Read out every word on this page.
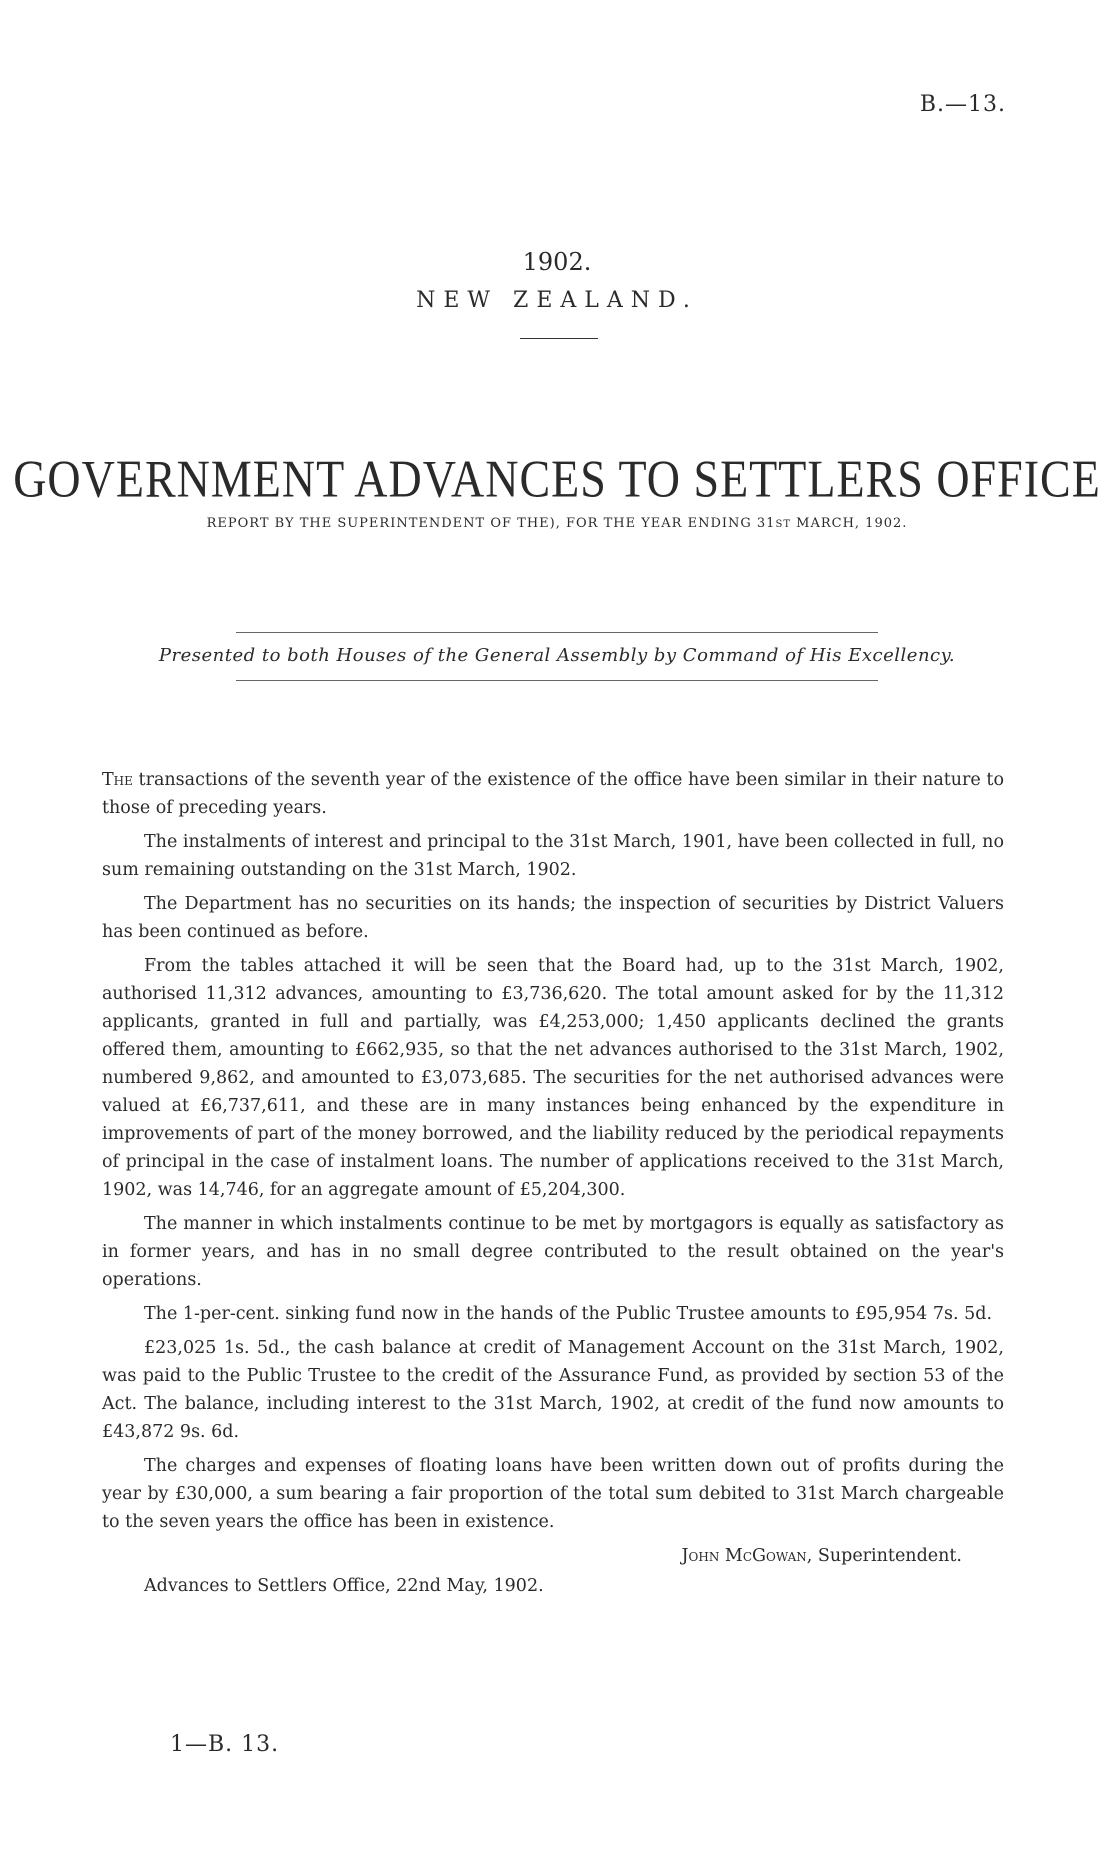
B.—13.
1902.
NEW ZEALAND.
GOVERNMENT ADVANCES TO SETTLERS OFFICE
REPORT BY THE SUPERINTENDENT OF THE), FOR THE YEAR ENDING 31ST MARCH, 1902.
Presented to both Houses of the General Assembly by Command of His Excellency.

The transactions of the seventh year of the existence of the office have been similar in their nature to those of preceding years.

The instalments of interest and principal to the 31st March, 1901, have been collected in full, no sum remaining outstanding on the 31st March, 1902.

The Department has no securities on its hands; the inspection of securities by District Valuers has been continued as before.

From the tables attached it will be seen that the Board had, up to the 31st March, 1902, authorised 11,312 advances, amounting to £3,736,620. The total amount asked for by the 11,312 applicants, granted in full and partially, was £4,253,000; 1,450 applicants declined the grants offered them, amounting to £662,935, so that the net advances authorised to the 31st March, 1902, numbered 9,862, and amounted to £3,073,685. The securities for the net authorised advances were valued at £6,737,611, and these are in many instances being enhanced by the expenditure in improvements of part of the money borrowed, and the liability reduced by the periodical repayments of principal in the case of instalment loans. The number of applications received to the 31st March, 1902, was 14,746, for an aggregate amount of £5,204,300.

The manner in which instalments continue to be met by mortgagors is equally as satisfactory as in former years, and has in no small degree contributed to the result obtained on the year's operations.

The 1-per-cent. sinking fund now in the hands of the Public Trustee amounts to £95,954 7s. 5d.

£23,025 1s. 5d., the cash balance at credit of Management Account on the 31st March, 1902, was paid to the Public Trustee to the credit of the Assurance Fund, as provided by section 53 of the Act. The balance, including interest to the 31st March, 1902, at credit of the fund now amounts to £43,872 9s. 6d.

The charges and expenses of floating loans have been written down out of profits during the year by £30,000, a sum bearing a fair proportion of the total sum debited to 31st March chargeable to the seven years the office has been in existence.

John McGowan, Superintendent.

Advances to Settlers Office, 22nd May, 1902.

1—B. 13.
